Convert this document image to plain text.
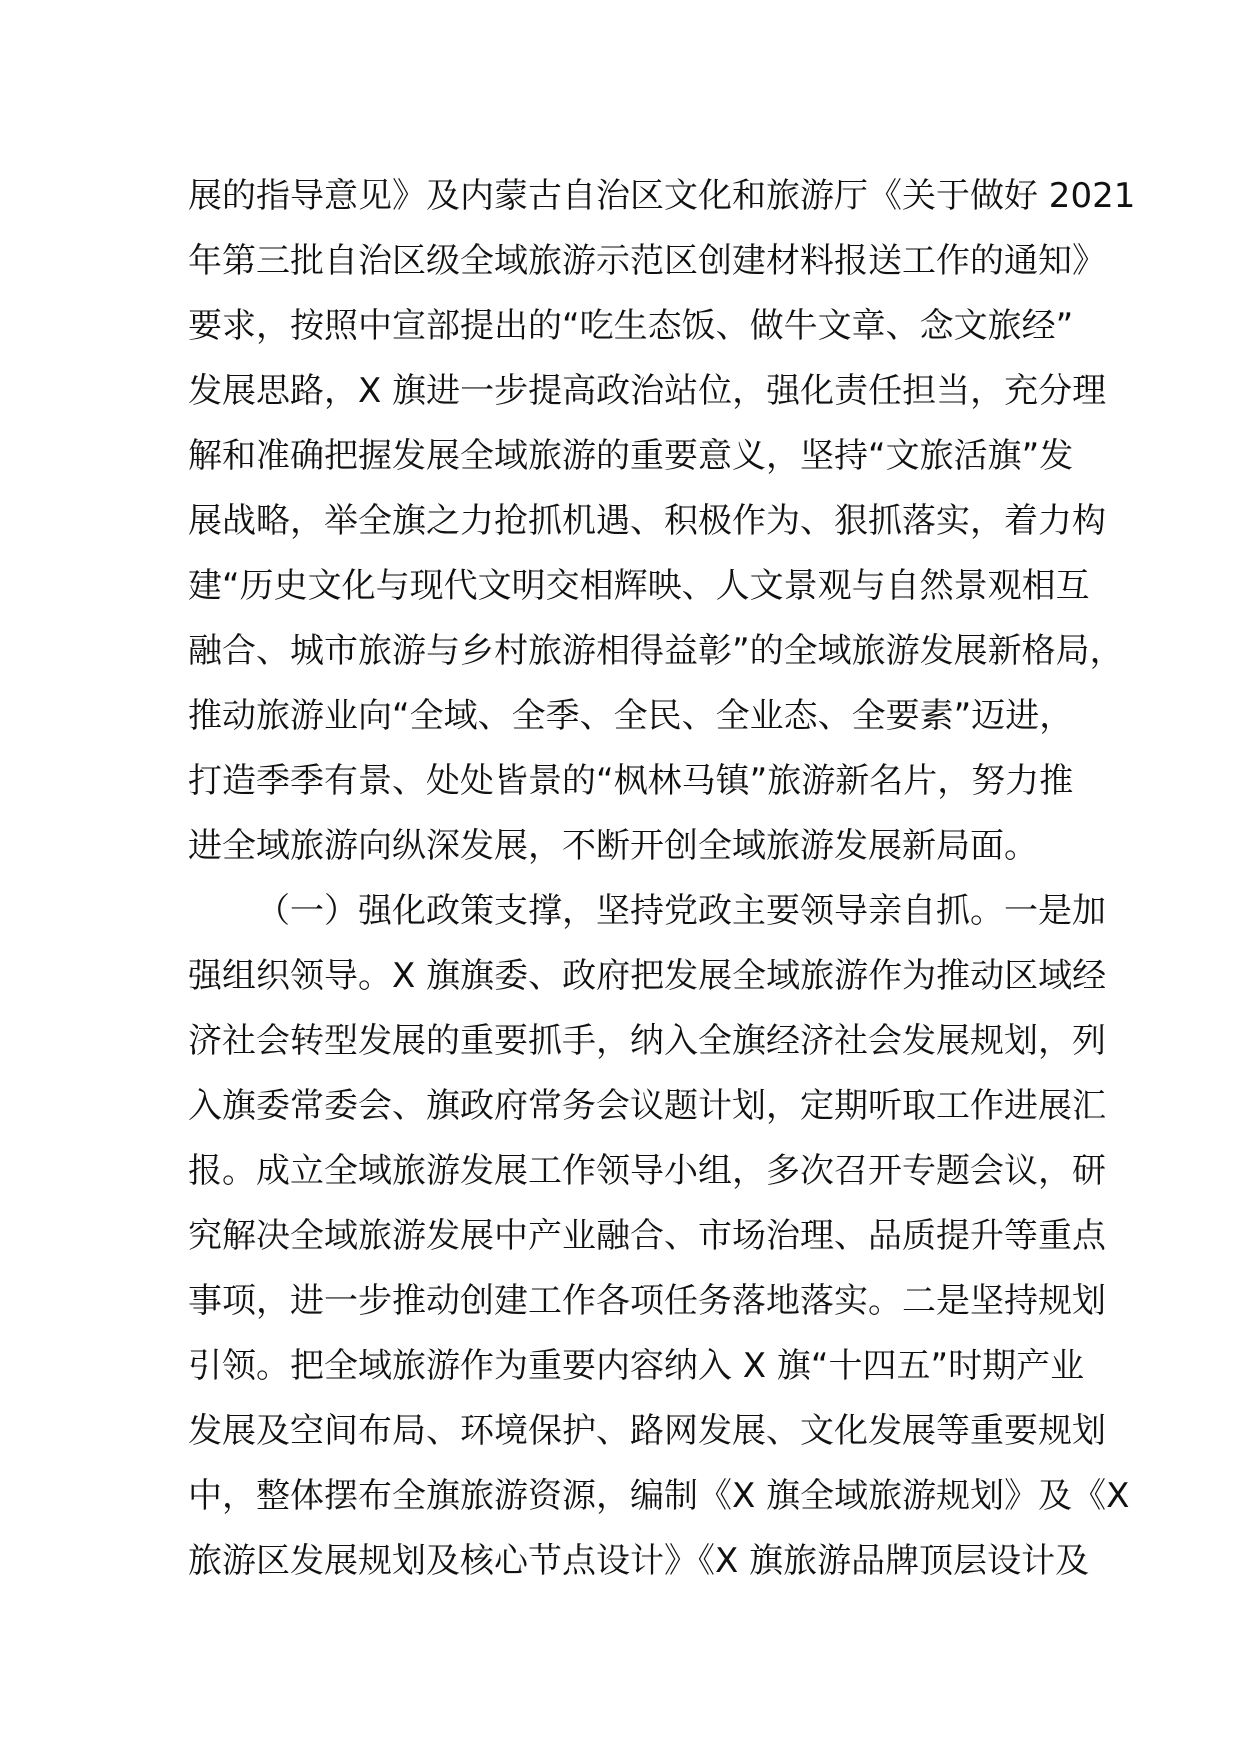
展的指导意见》及内蒙古自治区文化和旅游厅《关于做好 2021
年第三批自治区级全域旅游示范区创建材料报送工作的通知》
要求，按照中宣部提出的“吃生态饭、做牛文章、念文旅经”
发展思路，X 旗进一步提高政治站位，强化责任担当，充分理
解和准确把握发展全域旅游的重要意义，坚持“文旅活旗”发
展战略，举全旗之力抢抓机遇、积极作为、狠抓落实，着力构
建“历史文化与现代文明交相辉映、人文景观与自然景观相互
融合、城市旅游与乡村旅游相得益彰”的全域旅游发展新格局，
推动旅游业向“全域、全季、全民、全业态、全要素”迈进，
打造季季有景、处处皆景的“枫林马镇”旅游新名片，努力推
进全域旅游向纵深发展，不断开创全域旅游发展新局面。
（一）强化政策支撑，坚持党政主要领导亲自抓。一是加
强组织领导。X 旗旗委、政府把发展全域旅游作为推动区域经
济社会转型发展的重要抓手，纳入全旗经济社会发展规划，列
入旗委常委会、旗政府常务会议题计划，定期听取工作进展汇
报。成立全域旅游发展工作领导小组，多次召开专题会议，研
究解决全域旅游发展中产业融合、市场治理、品质提升等重点
事项，进一步推动创建工作各项任务落地落实。二是坚持规划
引领。把全域旅游作为重要内容纳入 X 旗“十四五”时期产业
发展及空间布局、环境保护、路网发展、文化发展等重要规划
中，整体摆布全旗旅游资源，编制《X 旗全域旅游规划》及《X
旅游区发展规划及核心节点设计》《X 旗旅游品牌顶层设计及
